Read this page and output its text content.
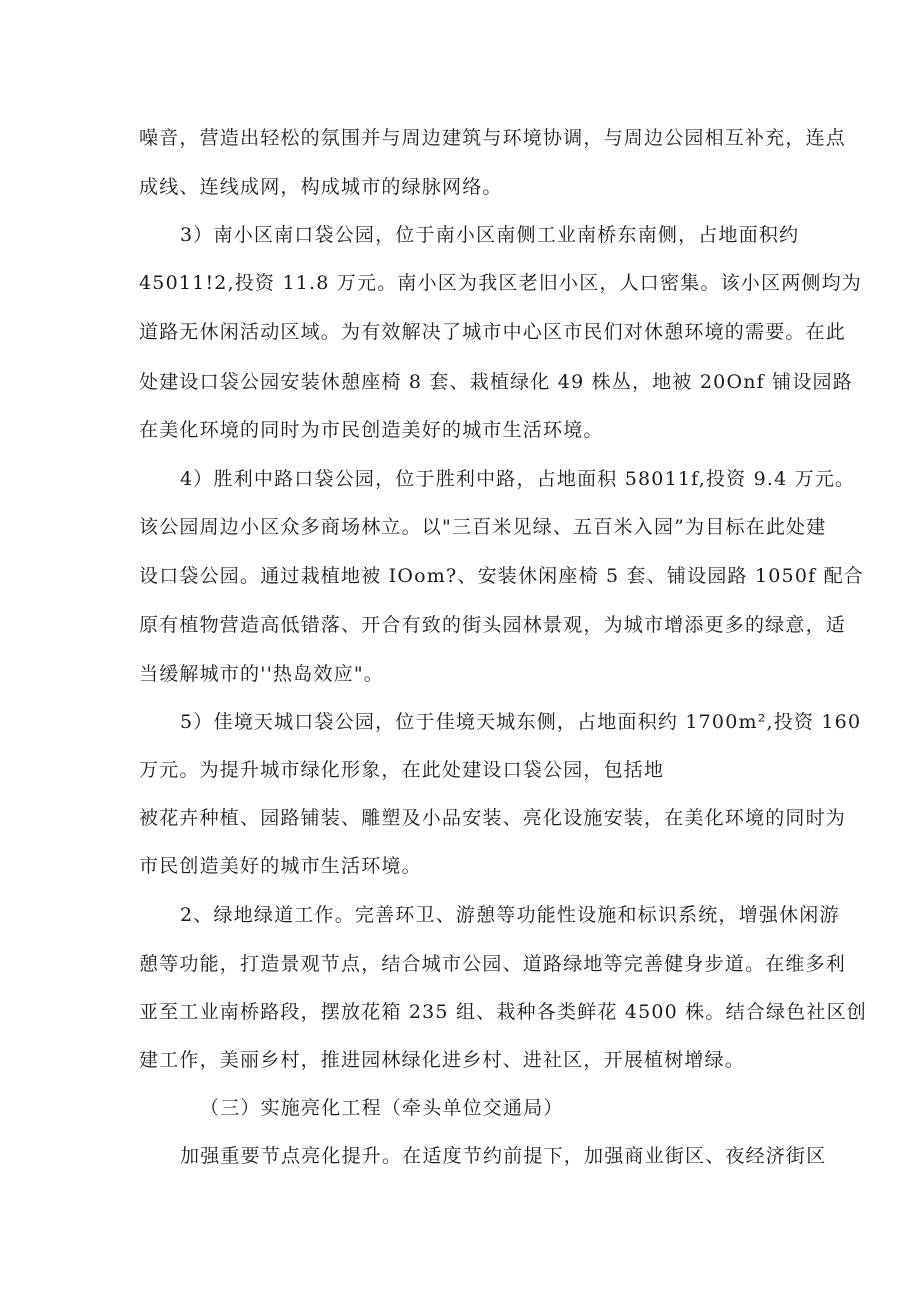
噪音，营造出轻松的氛围并与周边建筑与环境协调，与周边公园相互补充，连点
成线、连线成网，构成城市的绿脉网络。
3）南小区南口袋公园，位于南小区南侧工业南桥东南侧，占地面积约
45011!2,投资 11.8 万元。南小区为我区老旧小区，人口密集。该小区两侧均为
道路无休闲活动区域。为有效解决了城市中心区市民们对休憩环境的需要。在此
处建设口袋公园安装休憩座椅 8 套、栽植绿化 49 株丛，地被 20Onf 铺设园路
在美化环境的同时为市民创造美好的城市生活环境。
4）胜利中路口袋公园，位于胜利中路，占地面积 58011f,投资 9.4 万元。
该公园周边小区众多商场林立。以"三百米见绿、五百米入园”为目标在此处建
设口袋公园。通过栽植地被 IOom?、安装休闲座椅 5 套、铺设园路 1050f 配合
原有植物营造高低错落、开合有致的街头园林景观，为城市增添更多的绿意，适
当缓解城市的''热岛效应"。
5）佳境天城口袋公园，位于佳境天城东侧，占地面积约 1700m²,投资 160
万元。为提升城市绿化形象，在此处建设口袋公园，包括地
被花卉种植、园路铺装、雕塑及小品安装、亮化设施安装，在美化环境的同时为
市民创造美好的城市生活环境。
2、绿地绿道工作。完善环卫、游憩等功能性设施和标识系统，增强休闲游
憩等功能，打造景观节点，结合城市公园、道路绿地等完善健身步道。在维多利
亚至工业南桥路段，摆放花箱 235 组、栽种各类鲜花 4500 株。结合绿色社区创
建工作，美丽乡村，推进园林绿化进乡村、进社区，开展植树增绿。
（三）实施亮化工程（牵头单位交通局）
加强重要节点亮化提升。在适度节约前提下，加强商业街区、夜经济街区
